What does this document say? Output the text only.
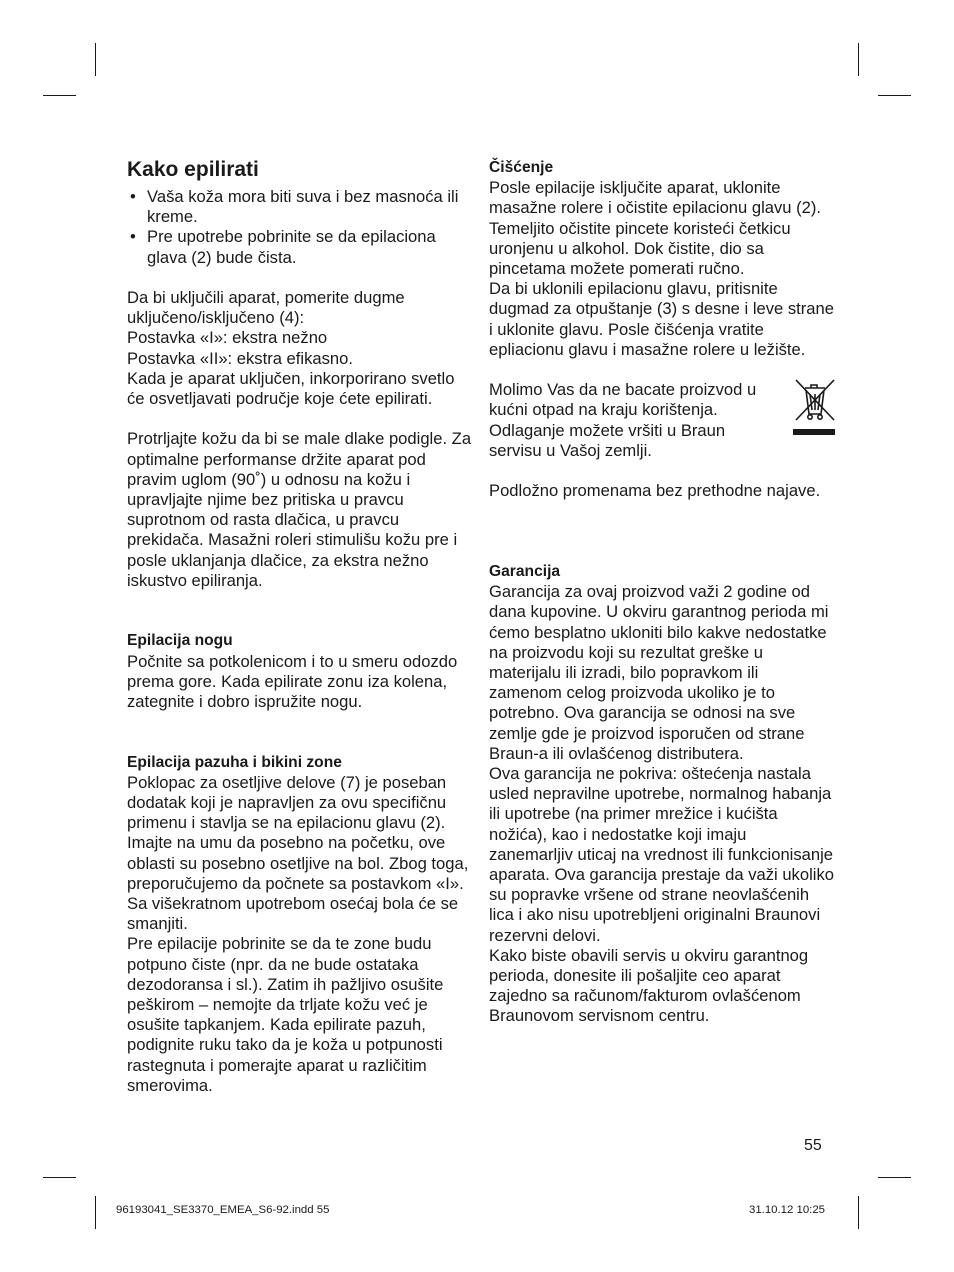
Kako epilirati
• Vaša koža mora biti suva i bez masnoća ili kreme.
• Pre upotrebe pobrinite se da epilaciona glava (2) bude čista.

Da bi uključili aparat, pomerite dugme uključeno/isključeno (4):

Postavka «I»: ekstra nežno

Postavka «II»: ekstra efikasno.

Kada je aparat uključen, inkorporirano svetlo će osvetljavati područje koje ćete epilirati.

Protrljajte kožu da bi se male dlake podigle. Za optimalne performanse držite aparat pod pravim uglom (90˚) u odnosu na kožu i upravljajte njime bez pritiska u pravcu suprotnom od rasta dlačica, u pravcu prekidača. Masažni roleri stimulišu kožu pre i posle uklanjanja dlačice, za ekstra nežno iskustvo epiliranja.

Epilacija nogu

Počnite sa potkolenicom i to u smeru odozdo prema gore. Kada epilirate zonu iza kolena, zategnite i dobro ispružite nogu.

Epilacija pazuha i bikini zone

Poklopac za osetljive delove (7) je poseban dodatak koji je napravljen za ovu specifičnu primenu i stavlja se na epilacionu glavu (2).

Imajte na umu da posebno na početku, ove oblasti su posebno osetljive na bol. Zbog toga, preporučujemo da počnete sa postavkom «I». Sa višekratnom upotrebom osećaj bola će se smanjiti.

Pre epilacije pobrinite se da te zone budu potpuno čiste (npr. da ne bude ostataka dezodoransa i sl.). Zatim ih pažljivo osušite peškirom – nemojte da trljate kožu već je osušite tapkanjem. Kada epilirate pazuh, podignite ruku tako da je koža u potpunosti rastegnuta i pomerajte aparat u različitim smerovima.

Čišćenje

Posle epilacije isključite aparat, uklonite masažne rolere i očistite epilacionu glavu (2).

Temeljito očistite pincete koristeći četkicu uronjenu u alkohol. Dok čistite, dio sa pincetama možete pomerati ručno.

Da bi uklonili epilacionu glavu, pritisnite dugmad za otpuštanje (3) s desne i leve strane i uklonite glavu. Posle čišćenja vratite epliacionu glavu i masažne rolere u ležište.

Molimo Vas da ne bacate proizvod u kućni otpad na kraju korištenja. Odlaganje možete vršiti u Braun servisu u Vašoj zemlji.

Podložno promenama bez prethodne najave.

Garancija

Garancija za ovaj proizvod važi 2 godine od dana kupovine. U okviru garantnog perioda mi ćemo besplatno ukloniti bilo kakve nedostatke na proizvodu koji su rezultat greške u materijalu ili izradi, bilo popravkom ili zamenom celog proizvoda ukoliko je to potrebno. Ova garancija se odnosi na sve zemlje gde je proizvod isporučen od strane Braun-a ili ovlašćenog distributera.

Ova garancija ne pokriva: oštećenja nastala usled nepravilne upotrebe, normalnog habanja ili upotrebe (na primer mrežice i kućišta nožića), kao i nedostatke koji imaju zanemarljiv uticaj na vrednost ili funkcionisanje aparata. Ova garancija prestaje da važi ukoliko su popravke vršene od strane neovlašćenih lica i ako nisu upotrebljeni originalni Braunovi rezervni delovi.

Kako biste obavili servis u okviru garantnog perioda, donesite ili pošaljite ceo aparat zajedno sa računom/fakturom ovlašćenom Braunovom servisnom centru.

55
96193041_SE3370_EMEA_S6-92.indd 55	31.10.12 10:25
